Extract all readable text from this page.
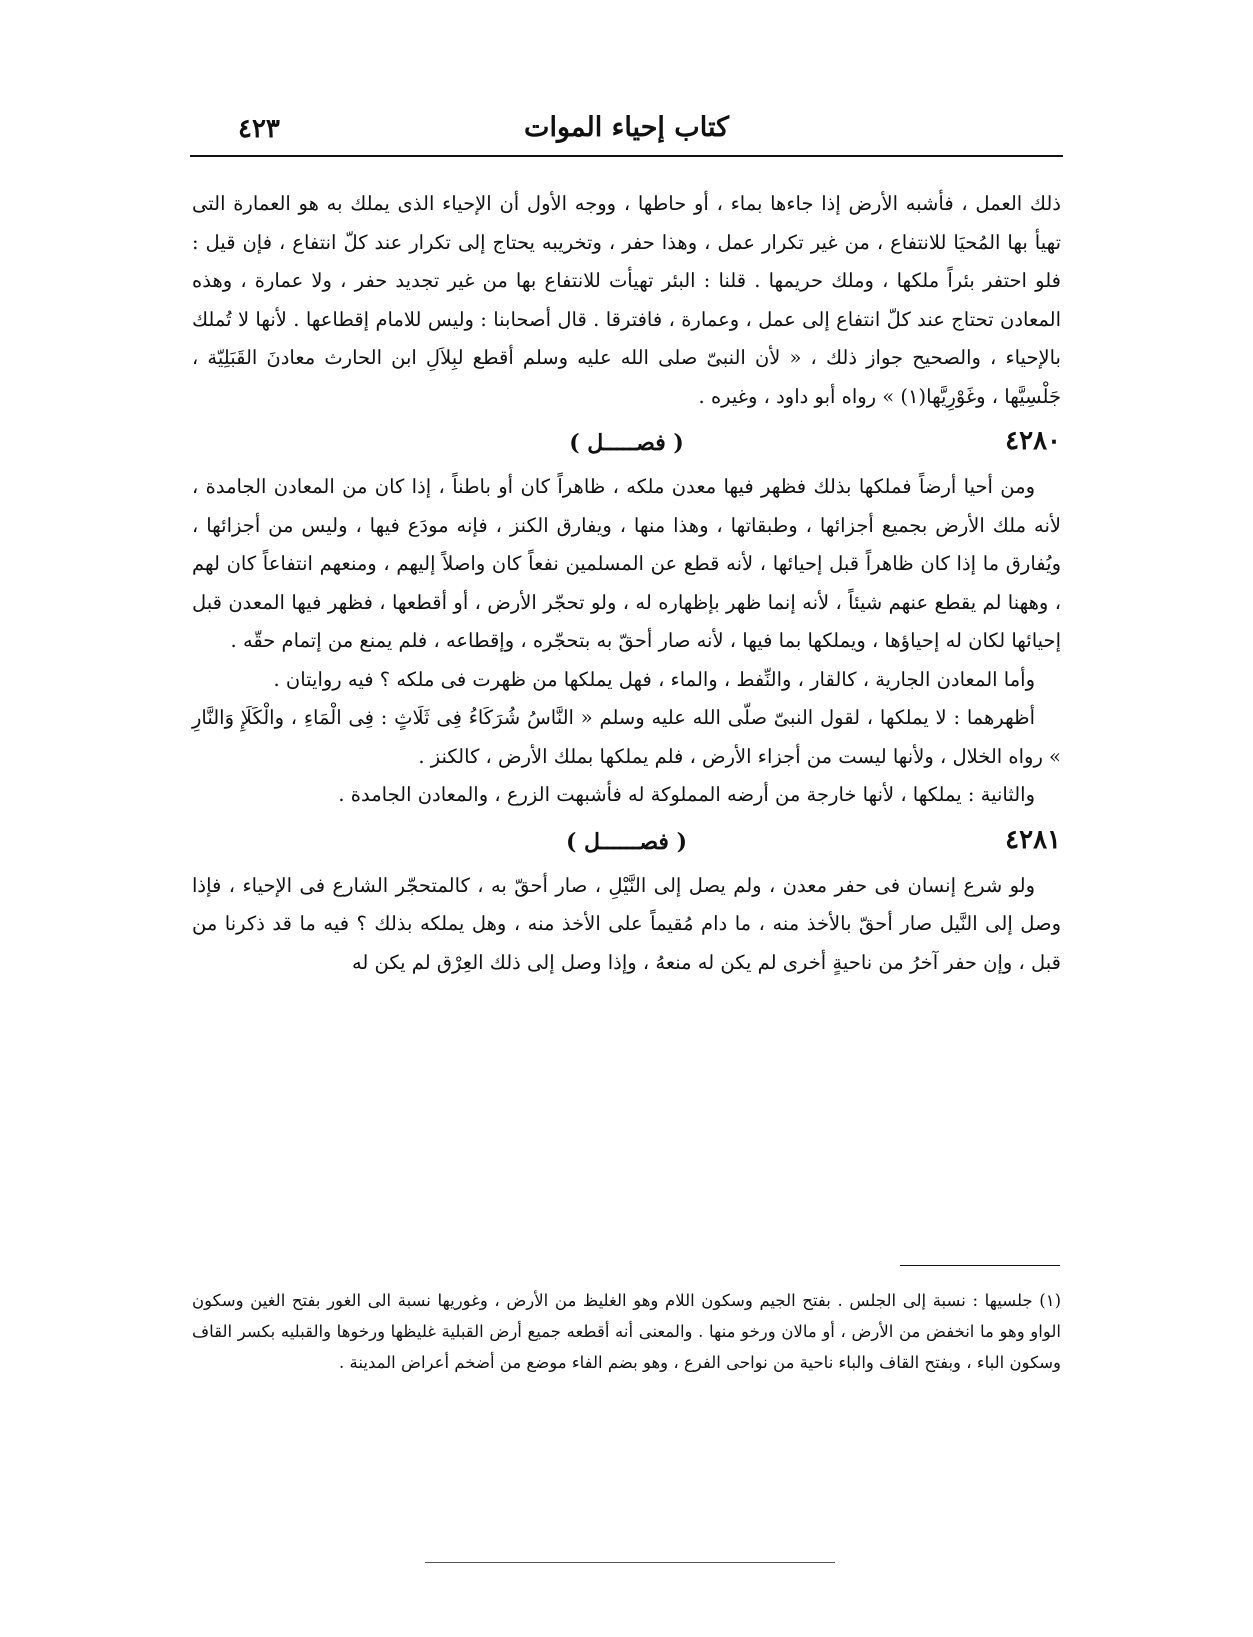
كتاب إحياء الموات
٤٢٣

ذلك العمل ، فأشبه الأرض إذا جاءها بماء ، أو حاطها ، ووجه الأول أن الإحياء الذى يملك به هو العمارة التى تهيأ بها المُحيَا للانتفاع ، من غير تكرار عمل ، وهذا حفر ، وتخريبه يحتاج إلى تكرار عند كلّ انتفاع ، فإن قيل : فلو احتفر بئراً ملكها ، وملك حريمها . قلنا : البئر تهيأت للانتفاع بها من غير تجديد حفر ، ولا عمارة ، وهذه المعادن تحتاج عند كلّ انتفاع إلى عمل ، وعمارة ، فافترقا . قال أصحابنا : وليس للامام إقطاعها . لأنها لا تُملك بالإحياء ، والصحيح جواز ذلك ، « لأن النبىّ صلى الله عليه وسلم أقطع لبِلاَلِ ابن الحارث معادنَ القَبَلِيّة ، جَلْسِيَّها ، وغَوْرِيَّها(١) » رواه أبو داود ، وغيره .

٤٢٨٠
( فصـــــل )

ومن أحيا أرضاً فملكها بذلك فظهر فيها معدن ملكه ، ظاهراً كان أو باطناً ، إذا كان من المعادن الجامدة ، لأنه ملك الأرض بجميع أجزائها ، وطبقاتها ، وهذا منها ، ويفارق الكنز ، فإنه مودَع فيها ، وليس من أجزائها ، ويُفارق ما إذا كان ظاهراً قبل إحيائها ، لأنه قطع عن المسلمين نفعاً كان واصلاً إليهم ، ومنعهم انتفاعاً كان لهم ، وههنا لم يقطع عنهم شيئاً ، لأنه إنما ظهر بإظهاره له ، ولو تحجّر الأرض ، أو أقطعها ، فظهر فيها المعدن قبل إحيائها لكان له إحياؤها ، ويملكها بما فيها ، لأنه صار أحقّ به بتحجّره ، وإقطاعه ، فلم يمنع من إتمام حقّه .

وأما المعادن الجارية ، كالقار ، والنِّفط ، والماء ، فهل يملكها من ظهرت فى ملكه ؟ فيه روايتان .

أظهرهما : لا يملكها ، لقول النبىّ صلّى الله عليه وسلم « النَّاسُ شُرَكَاءُ فِى ثَلَاثٍ : فِى الْمَاءِ ، والْكَلَإِ وَالنَّارِ » رواه الخلال ، ولأنها ليست من أجزاء الأرض ، فلم يملكها بملك الأرض ، كالكنز .

والثانية : يملكها ، لأنها خارجة من أرضه المملوكة له فأشبهت الزرع ، والمعادن الجامدة .

٤٢٨١
( فصــــــل )

ولو شرع إنسان فى حفر معدن ، ولم يصل إلى النَّيْلِ ، صار أحقّ به ، كالمتحجّر الشارع فى الإحياء ، فإذا وصل إلى النَّيل صار أحقّ بالأخذ منه ، ما دام مُقيماً على الأخذ منه ، وهل يملكه بذلك ؟ فيه ما قد ذكرنا من قبل ، وإن حفر آخرُ من ناحيةٍ أخرى لم يكن له منعهُ ، وإذا وصل إلى ذلك العِرْق لم يكن له

(١) جلسيها : نسبة إلى الجلس . بفتح الجيم وسكون اللام وهو الغليظ من الأرض ، وغوريها نسبة الى الغور بفتح الغين وسكون الواو وهو ما انخفض من الأرض ، أو مالان ورخو منها . والمعنى أنه أقطعه جميع أرض القبلية غليظها ورخوها والقبليه بكسر القاف وسكون الباء ، وبفتح القاف والباء ناحية من نواحى الفرع ، وهو بضم الفاء موضع من أضخم أعراض المدينة .
